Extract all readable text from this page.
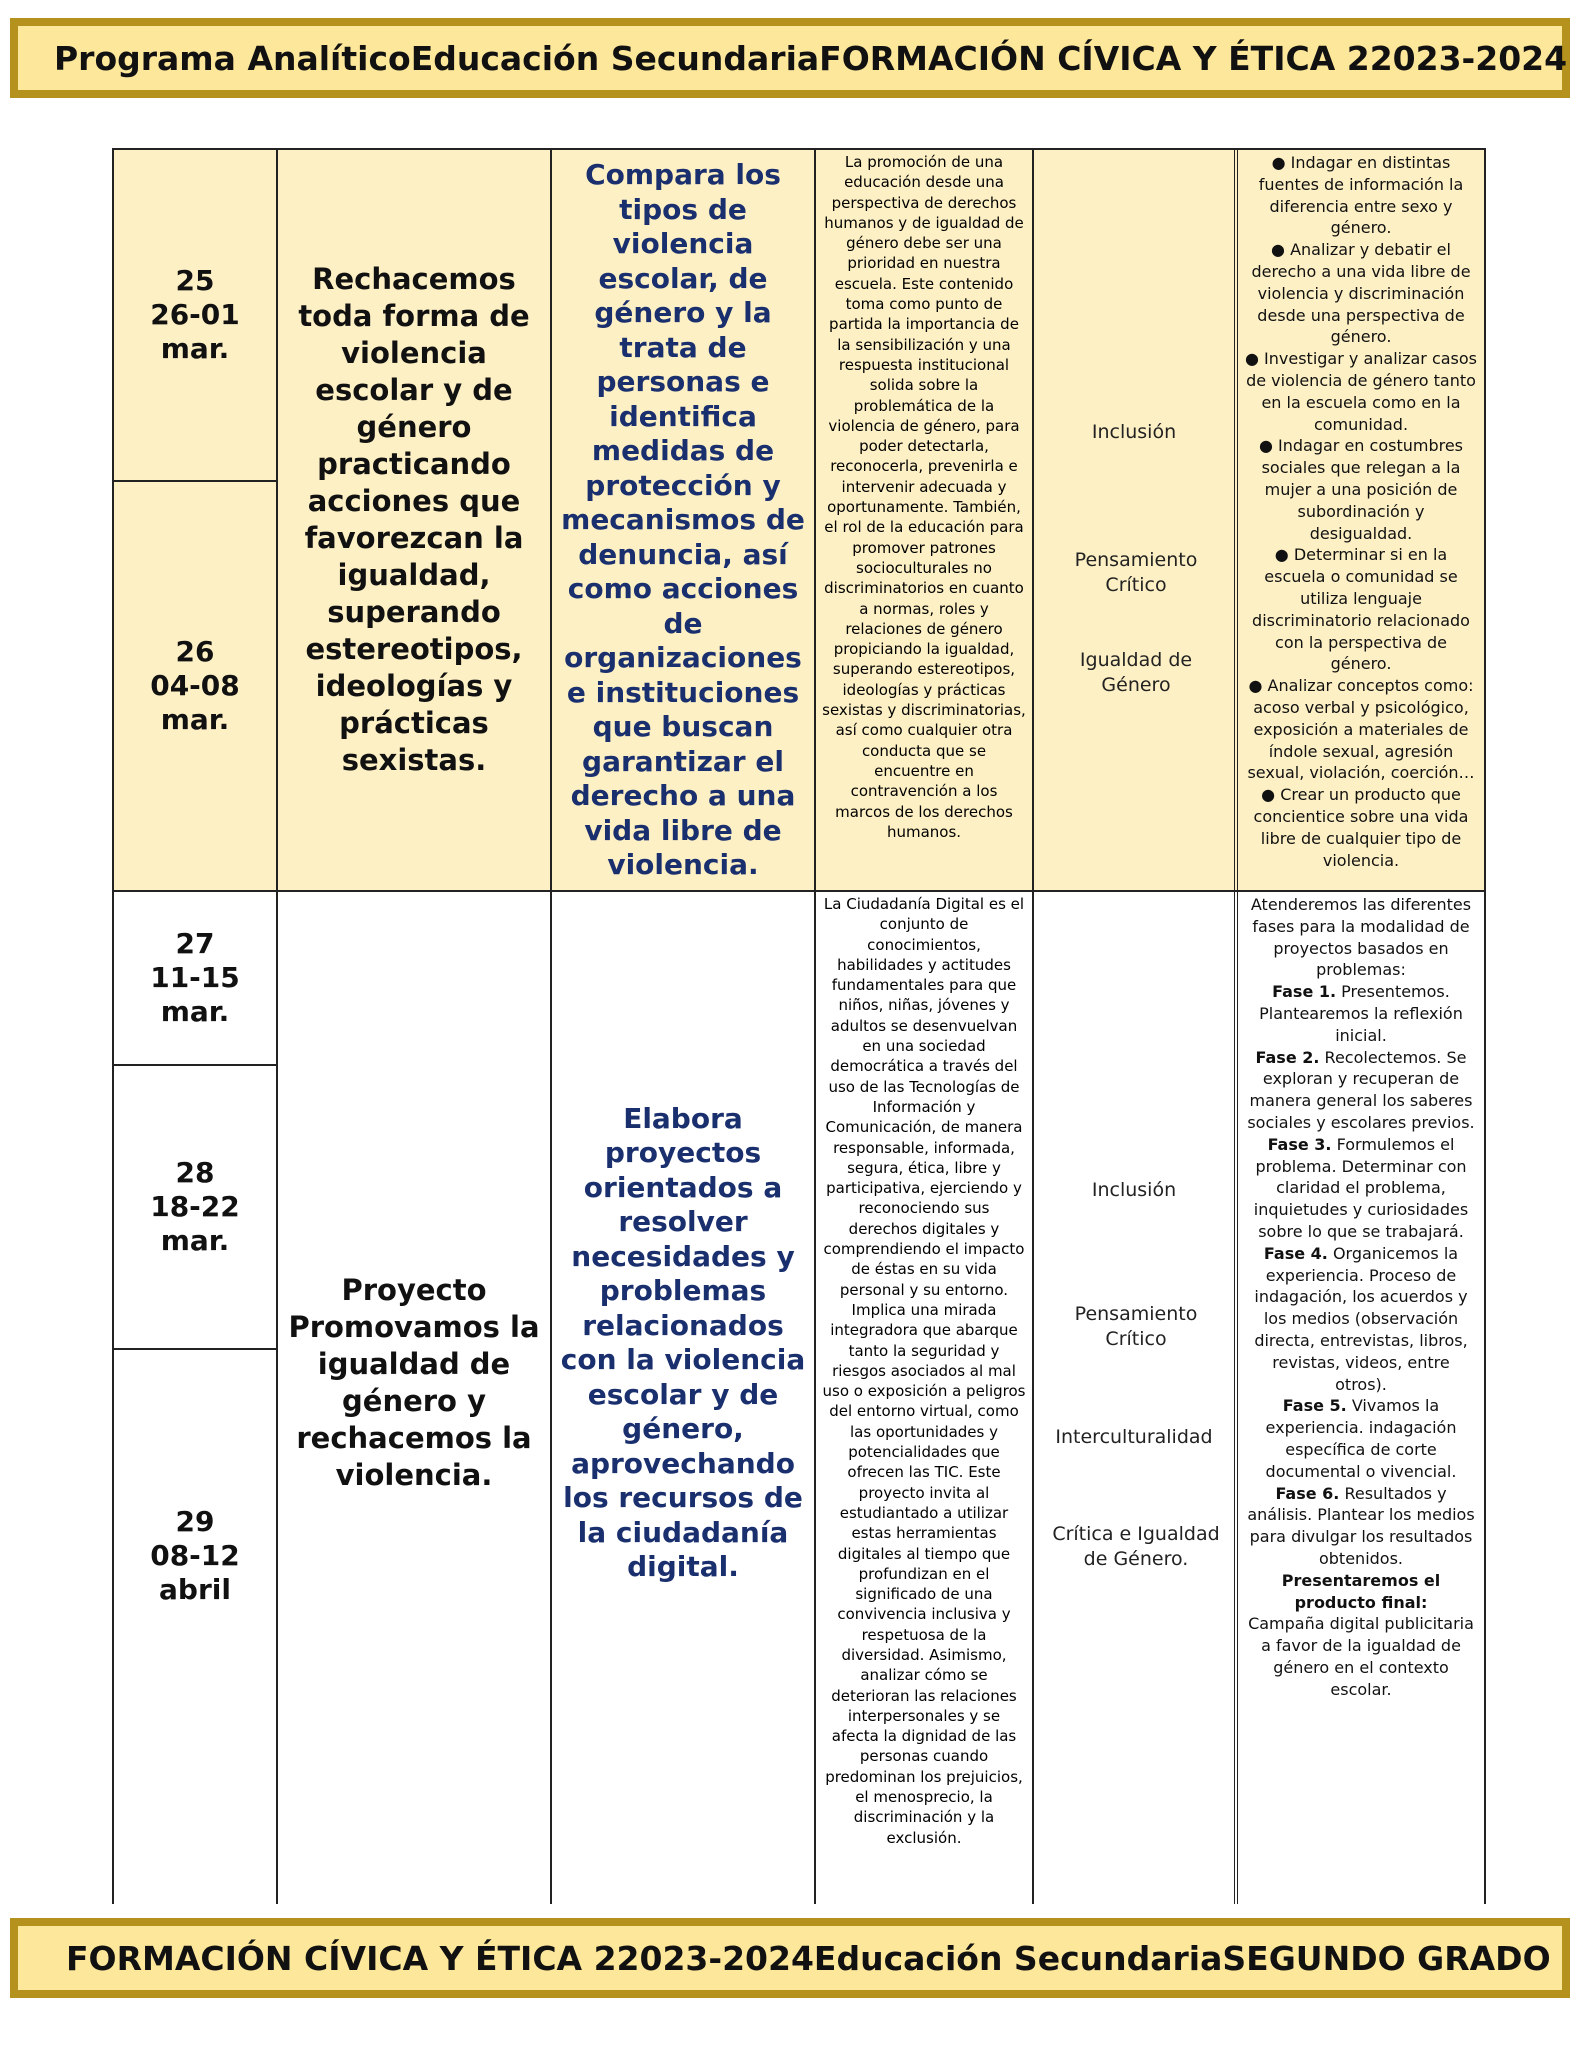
Programa Analítico Educación Secundaria FORMACIÓN CÍVICA Y ÉTICA 2 2023-2024
25
26-01
mar.
26
04-08
mar.
Rechacemos toda forma de violencia escolar y de género practicando acciones que favorezcan la igualdad, superando estereotipos, ideologías y prácticas sexistas.
Compara los tipos de violencia escolar, de género y la trata de personas e identifica medidas de protección y mecanismos de denuncia, así como acciones de organizaciones e instituciones que buscan garantizar el derecho a una vida libre de violencia.
La promoción de una educación desde una perspectiva de derechos humanos y de igualdad de género debe ser una prioridad en nuestra escuela. Este contenido toma como punto de partida la importancia de la sensibilización y una respuesta institucional solida sobre la problemática de la violencia de género, para poder detectarla, reconocerla, prevenirla e intervenir adecuada y oportunamente. También, el rol de la educación para promover patrones socioculturales no discriminatorios en cuanto a normas, roles y relaciones de género propiciando la igualdad, superando estereotipos, ideologías y prácticas sexistas y discriminatorias, así como cualquier otra conducta que se encuentre en contravención a los marcos de los derechos humanos.
Inclusión
Pensamiento Crítico
Igualdad de Género

● Indagar en distintas fuentes de información la diferencia entre sexo y género.

● Analizar y debatir el derecho a una vida libre de violencia y discriminación desde una perspectiva de género.

● Investigar y analizar casos de violencia de género tanto en la escuela como en la comunidad.

● Indagar en costumbres sociales que relegan a la mujer a una posición de subordinación y desigualdad.

● Determinar si en la escuela o comunidad se utiliza lenguaje discriminatorio relacionado con la perspectiva de género.

● Analizar conceptos como: acoso verbal y psicológico, exposición a materiales de índole sexual, agresión sexual, violación, coerción…

● Crear un producto que concientice sobre una vida libre de cualquier tipo de violencia.

27
11-15
mar.
28
18-22
mar.
29
08-12
abril
Proyecto Promovamos la igualdad de género y rechacemos la violencia.
Elabora proyectos orientados a resolver necesidades y problemas relacionados con la violencia escolar y de género, aprovechando los recursos de la ciudadanía digital.
La Ciudadanía Digital es el conjunto de conocimientos, habilidades y actitudes fundamentales para que niños, niñas, jóvenes y adultos se desenvuelvan en una sociedad democrática a través del uso de las Tecnologías de Información y Comunicación, de manera responsable, informada, segura, ética, libre y participativa, ejerciendo y reconociendo sus derechos digitales y comprendiendo el impacto de éstas en su vida personal y su entorno. Implica una mirada integradora que abarque tanto la seguridad y riesgos asociados al mal uso o exposición a peligros del entorno virtual, como las oportunidades y potencialidades que ofrecen las TIC. Este proyecto invita al estudiantado a utilizar estas herramientas digitales al tiempo que profundizan en el significado de una convivencia inclusiva y respetuosa de la diversidad. Asimismo, analizar cómo se deterioran las relaciones interpersonales y se afecta la dignidad de las personas cuando predominan los prejuicios, el menosprecio, la discriminación y la exclusión.
Inclusión
Pensamiento Crítico
Interculturalidad
Crítica e Igualdad de Género.

Atenderemos las diferentes fases para la modalidad de proyectos basados en problemas:

Fase 1. Presentemos. Plantearemos la reflexión inicial.

Fase 2. Recolectemos. Se exploran y recuperan de manera general los saberes sociales y escolares previos.

Fase 3. Formulemos el problema. Determinar con claridad el problema, inquietudes y curiosidades sobre lo que se trabajará.

Fase 4. Organicemos la experiencia. Proceso de indagación, los acuerdos y los medios (observación directa, entrevistas, libros, revistas, videos, entre otros).

Fase 5. Vivamos la experiencia. indagación específica de corte documental o vivencial.

Fase 6. Resultados y análisis. Plantear los medios para divulgar los resultados obtenidos.

Presentaremos el producto final:

Campaña digital publicitaria a favor de la igualdad de género en el contexto escolar.

FORMACIÓN CÍVICA Y ÉTICA 2 2023-2024 Educación Secundaria SEGUNDO GRADO
